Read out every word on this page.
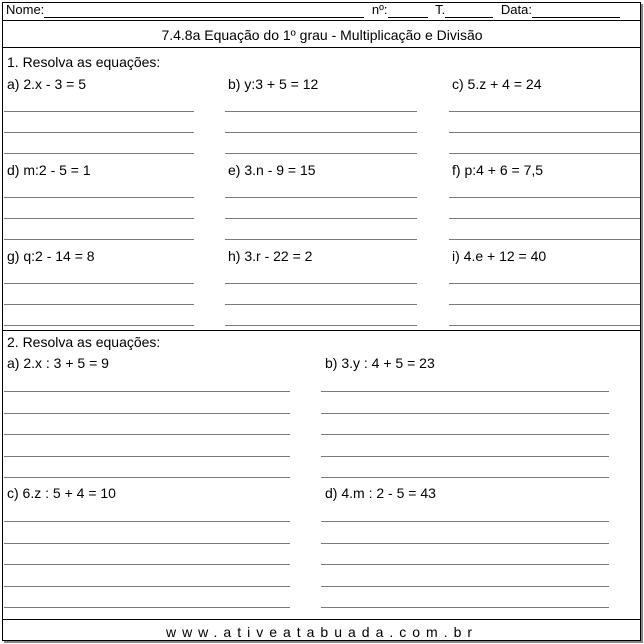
Nome:	nº:	T.	Data:
7.4.8a Equação do 1º grau - Multiplicação e Divisão
1. Resolva as equações:
a) 2.x - 3 = 5	b) y:3 + 5 = 12	c) 5.z + 4 = 24
d) m:2 - 5 = 1	e) 3.n - 9 = 15	f) p:4 + 6 = 7,5
g) q:2 - 14 = 8	h) 3.r - 22 = 2	i) 4.e + 12 = 40
2. Resolva as equações:
a) 2.x : 3 + 5 = 9	b) 3.y : 4 + 5 = 23
c) 6.z : 5 + 4 = 10	d) 4.m : 2 - 5 = 43
www.ativeatabuada.com.br
